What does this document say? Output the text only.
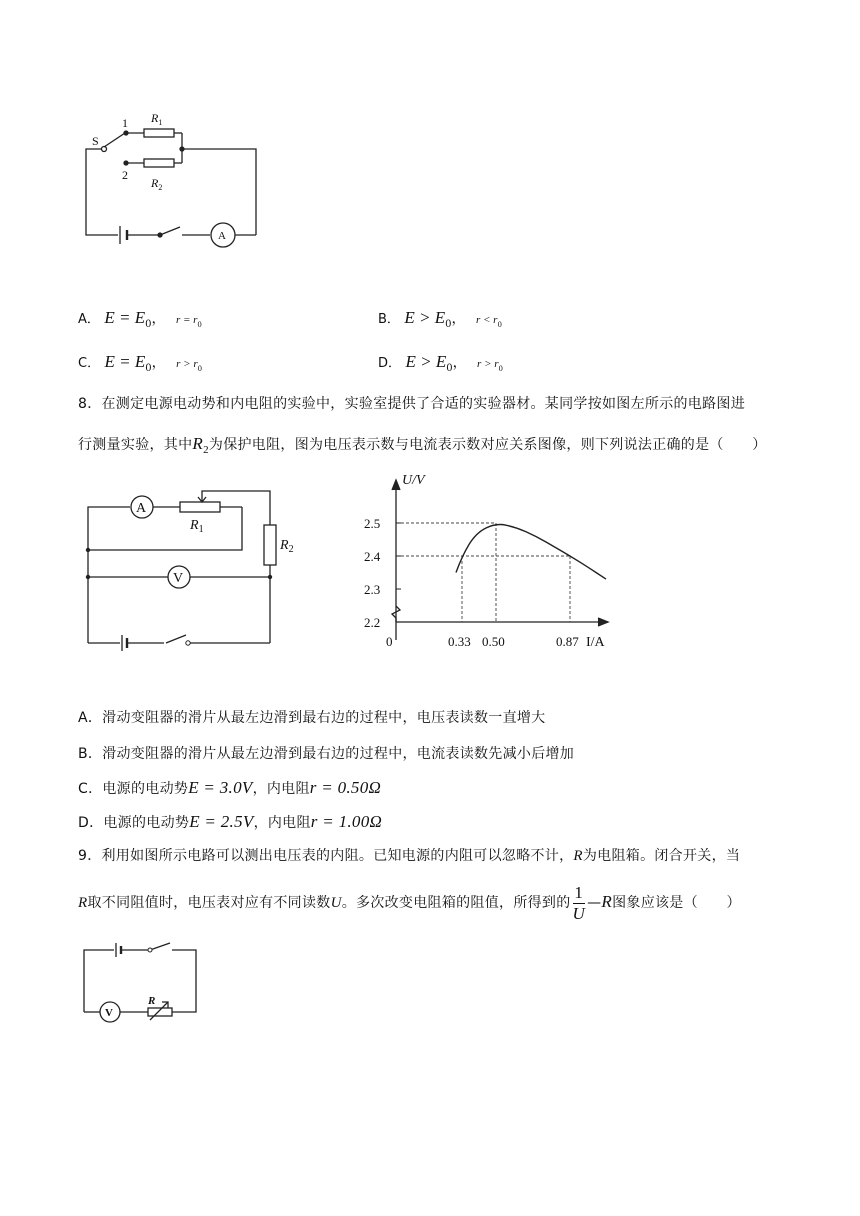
S
1
2
$R_1$
$R_2$
A
A． $E = E_0$， $r = r_0$	B． $E > E_0$， $r < r_0$
C． $E = E_0$， $r > r_0$	D． $E > E_0$， $r > r_0$
8．在测定电源电动势和内电阻的实验中，实验室提供了合适的实验器材。某同学按如图左所示的电路图进
行测量实验，其中$R_2$为保护电阻，图为电压表示数与电流表示数对应关系图像，则下列说法正确的是（　　）
A
V
$R_1$
$R_2$
0.33 0.50	0.87
2.2
2.3
2.4
2.5
U/V
I/A
0
A．滑动变阻器的滑片从最左边滑到最右边的过程中，电压表读数一直增大
B．滑动变阻器的滑片从最左边滑到最右边的过程中，电流表读数先减小后增加
C．电源的电动势E = 3.0V，内电阻r = 0.50Ω
D．电源的电动势E = 2.5V，内电阻r = 1.00Ω
9．利用如图所示电路可以测出电压表的内阻。已知电源的内阻可以忽略不计，R为电阻箱。闭合开关，当
R取不同阻值时，电压表对应有不同读数U。多次改变电阻箱的阻值，所得到的 $\frac{1}{U}$ —R图象应该是（　　）
V
R
